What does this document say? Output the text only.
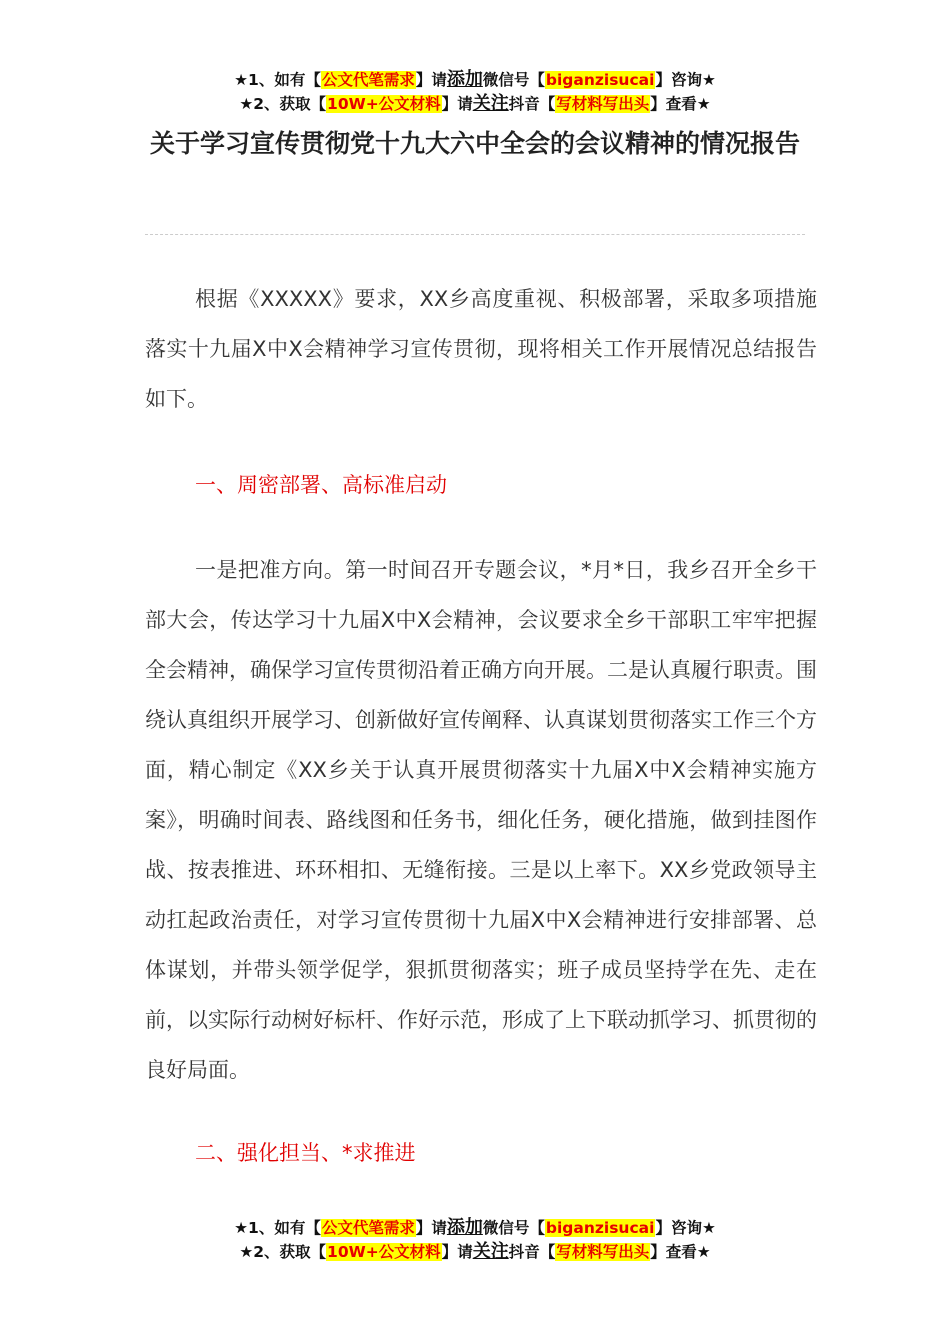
★1、如有【公文代笔需求】请添加微信号【biganzisucai】咨询★
★2、获取【10W+公文材料】请关注抖音【写材料写出头】查看★
关于学习宣传贯彻党十九大六中全会的会议精神的情况报告

根据《XXXXX》要求，XX乡高度重视、积极部署，采取多项措施落实十九届X中X会精神学习宣传贯彻，现将相关工作开展情况总结报告如下。

一、周密部署、高标准启动

一是把准方向。第一时间召开专题会议，*月*日，我乡召开全乡干部大会，传达学习十九届X中X会精神，会议要求全乡干部职工牢牢把握全会精神，确保学习宣传贯彻沿着正确方向开展。二是认真履行职责。围绕认真组织开展学习、创新做好宣传阐释、认真谋划贯彻落实工作三个方面，精心制定《XX乡关于认真开展贯彻落实十九届X中X会精神实施方案》，明确时间表、路线图和任务书，细化任务，硬化措施，做到挂图作战、按表推进、环环相扣、无缝衔接。三是以上率下。XX乡党政领导主动扛起政治责任，对学习宣传贯彻十九届X中X会精神进行安排部署、总体谋划，并带头领学促学，狠抓贯彻落实；班子成员坚持学在先、走在前，以实际行动树好标杆、作好示范，形成了上下联动抓学习、抓贯彻的良好局面。

二、强化担当、*求推进

★1、如有【公文代笔需求】请添加微信号【biganzisucai】咨询★
★2、获取【10W+公文材料】请关注抖音【写材料写出头】查看★
